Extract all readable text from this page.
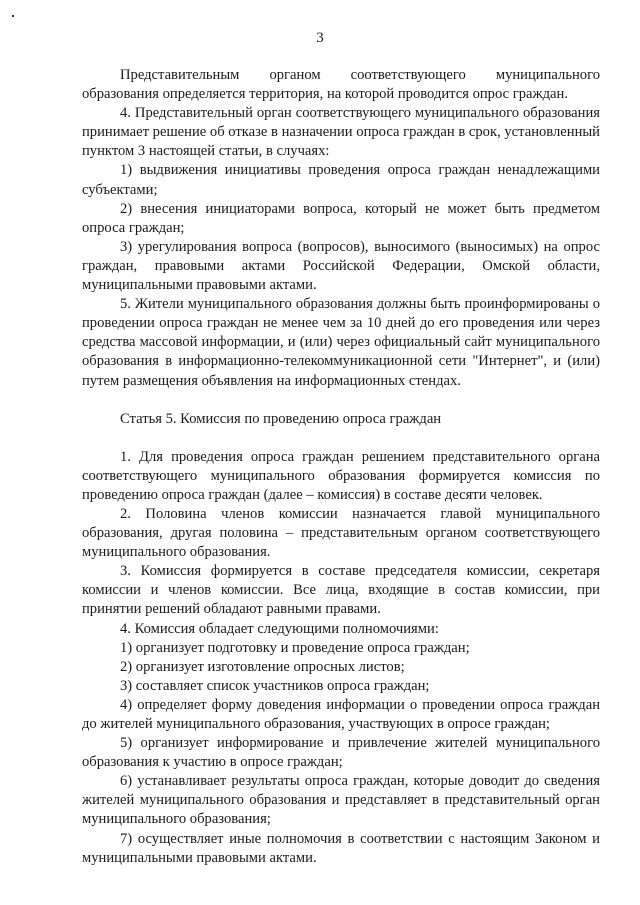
3

Представительным органом соответствующего муниципального образования определяется территория, на которой проводится опрос граждан.

4. Представительный орган соответствующего муниципального образования принимает решение об отказе в назначении опроса граждан в срок, установленный пунктом 3 настоящей статьи, в случаях:

1) выдвижения инициативы проведения опроса граждан ненадлежащими субъектами;

2) внесения инициаторами вопроса, который не может быть предметом опроса граждан;

3) урегулирования вопроса (вопросов), выносимого (выносимых) на опрос граждан, правовыми актами Российской Федерации, Омской области, муниципальными правовыми актами.

5. Жители муниципального образования должны быть проинформированы о проведении опроса граждан не менее чем за 10 дней до его проведения или через средства массовой информации, и (или) через официальный сайт муниципального образования в информационно-телекоммуникационной сети "Интернет", и (или) путем размещения объявления на информационных стендах.

Статья 5. Комиссия по проведению опроса граждан

1. Для проведения опроса граждан решением представительного органа соответствующего муниципального образования формируется комиссия по проведению опроса граждан (далее – комиссия) в составе десяти человек.

2. Половина членов комиссии назначается главой муниципального образования, другая половина – представительным органом соответствующего муниципального образования.

3. Комиссия формируется в составе председателя комиссии, секретаря комиссии и членов комиссии. Все лица, входящие в состав комиссии, при принятии решений обладают равными правами.

4. Комиссия обладает следующими полномочиями:

1) организует подготовку и проведение опроса граждан;

2) организует изготовление опросных листов;

3) составляет список участников опроса граждан;

4) определяет форму доведения информации о проведении опроса граждан до жителей муниципального образования, участвующих в опросе граждан;

5) организует информирование и привлечение жителей муниципального образования к участию в опросе граждан;

6) устанавливает результаты опроса граждан, которые доводит до сведения жителей муниципального образования и представляет в представительный орган муниципального образования;

7) осуществляет иные полномочия в соответствии с настоящим Законом и муниципальными правовыми актами.
